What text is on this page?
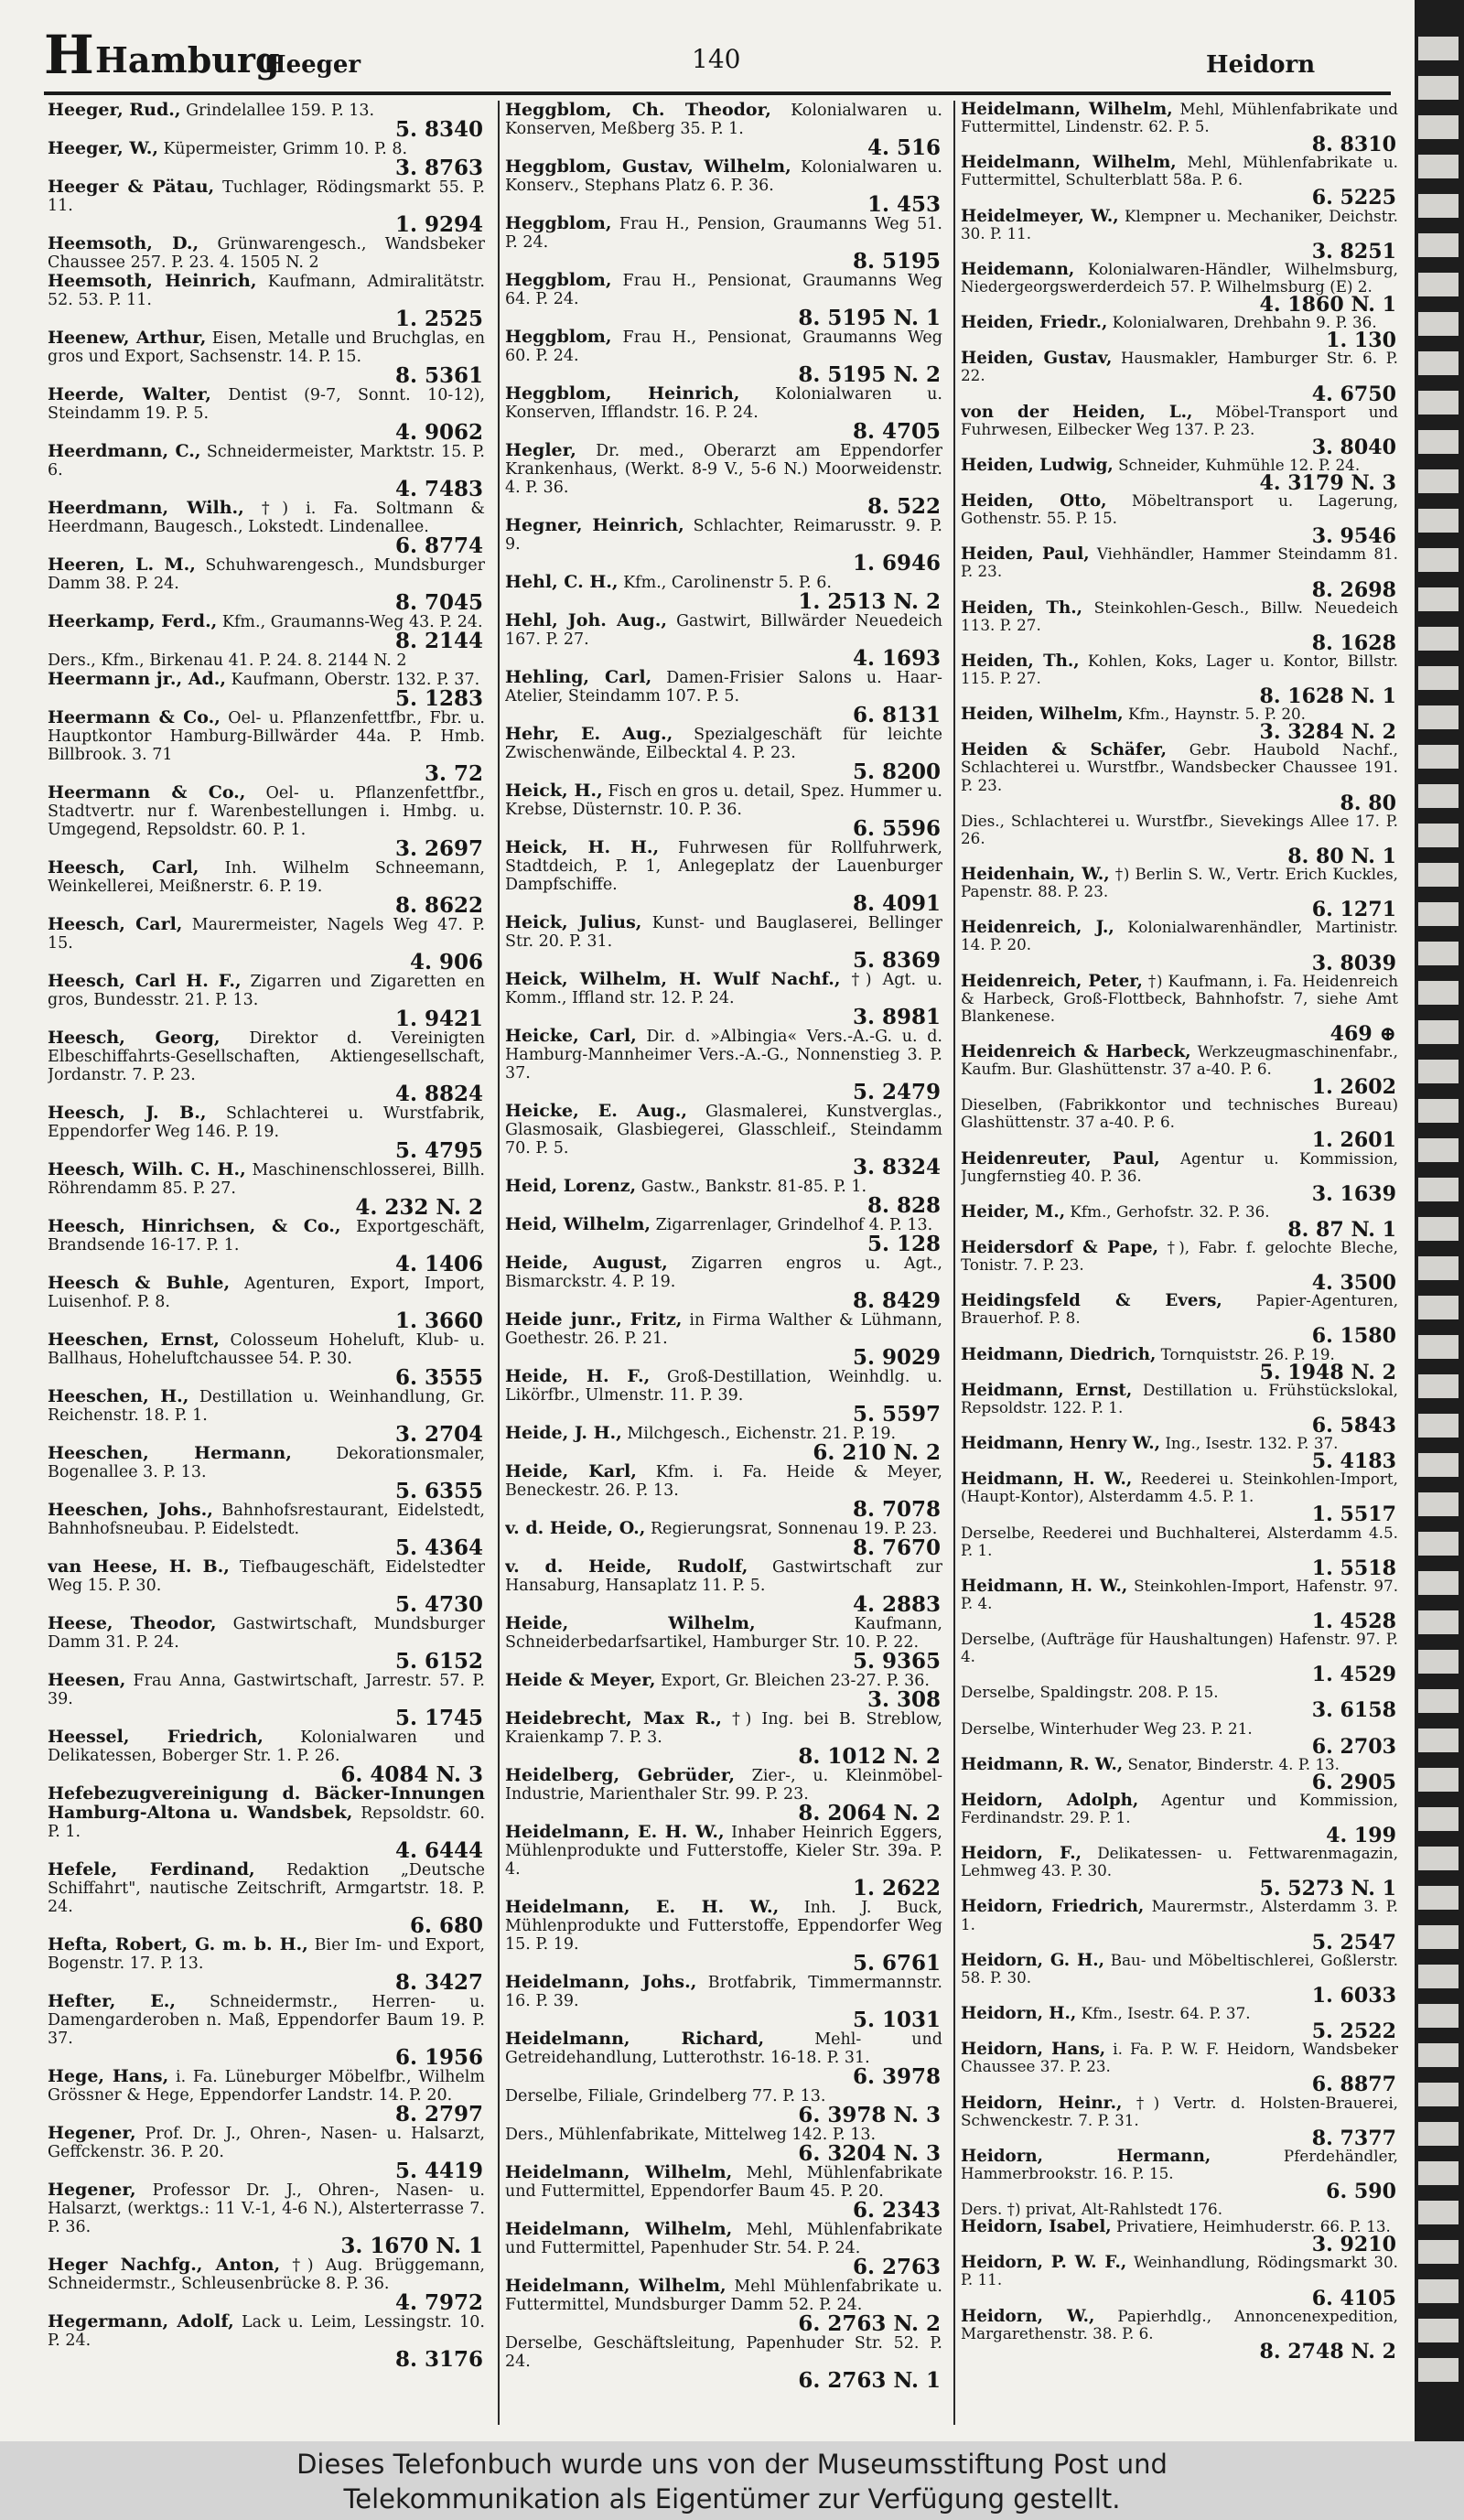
H Hamburg
Heeger	140	Heidorn

Heeger, Rud., Grindelallee 159. P. 13.
5. 8340

Heeger, W., Küpermeister, Grimm 10. P. 8.
3. 8763

Heeger & Pätau, Tuchlager, Rödingsmarkt 55. P. 11.
1. 9294

Heemsoth, D., Grünwarengesch., Wandsbeker Chaussee 257. P. 23. 4. 1505 N. 2

Heemsoth, Heinrich, Kaufmann, Admiralitätstr. 52. 53. P. 11.
1. 2525

Heenew, Arthur, Eisen, Metalle und Bruchglas, en gros und Export, Sachsenstr. 14. P. 15.
8. 5361

Heerde, Walter, Dentist (9-7, Sonnt. 10-12), Steindamm 19. P. 5.
4. 9062

Heerdmann, C., Schneidermeister, Marktstr. 15. P. 6.
4. 7483

Heerdmann, Wilh., †) i. Fa. Soltmann & Heerdmann, Baugesch., Lokstedt. Lindenallee.
6. 8774

Heeren, L. M., Schuhwarengesch., Mundsburger Damm 38. P. 24.
8. 7045

Heerkamp, Ferd., Kfm., Graumanns-Weg 43. P. 24.
8. 2144

Ders., Kfm., Birkenau 41. P. 24. 8. 2144 N. 2

Heermann jr., Ad., Kaufmann, Oberstr. 132. P. 37.
5. 1283

Heermann & Co., Oel- u. Pflanzenfettfbr., Fbr. u. Hauptkontor Hamburg-Billwärder 44a. P. Hmb. Billbrook. 3. 71
3. 72

Heermann & Co., Oel- u. Pflanzenfettfbr., Stadtvertr. nur f. Warenbestellungen i. Hmbg. u. Umgegend, Repsoldstr. 60. P. 1.
3. 2697

Heesch, Carl, Inh. Wilhelm Schneemann, Weinkellerei, Meißnerstr. 6. P. 19.
8. 8622

Heesch, Carl, Maurermeister, Nagels Weg 47. P. 15.
4. 906

Heesch, Carl H. F., Zigarren und Zigaretten en gros, Bundesstr. 21. P. 13.
1. 9421

Heesch, Georg, Direktor d. Vereinigten Elbeschiffahrts-Gesellschaften, Aktiengesellschaft, Jordanstr. 7. P. 23.
4. 8824

Heesch, J. B., Schlachterei u. Wurstfabrik, Eppendorfer Weg 146. P. 19.
5. 4795

Heesch, Wilh. C. H., Maschinenschlosserei, Billh. Röhrendamm 85. P. 27.
4. 232 N. 2

Heesch, Hinrichsen, & Co., Exportgeschäft, Brandsende 16-17. P. 1.
4. 1406

Heesch & Buhle, Agenturen, Export, Import, Luisenhof. P. 8.
1. 3660

Heeschen, Ernst, Colosseum Hoheluft, Klub- u. Ballhaus, Hoheluftchaussee 54. P. 30.
6. 3555

Heeschen, H., Destillation u. Weinhandlung, Gr. Reichenstr. 18. P. 1.
3. 2704

Heeschen, Hermann,	Dekorationsmaler, Bogenallee 3. P. 13.
5. 6355

Heeschen, Johs., Bahnhofsrestaurant, Eidelstedt, Bahnhofsneubau. P. Eidelstedt.
5. 4364

van Heese, H. B., Tiefbaugeschäft, Eidelstedter Weg 15. P. 30.
5. 4730

Heese, Theodor, Gastwirtschaft, Mundsburger Damm 31. P. 24.
5. 6152

Heesen, Frau Anna, Gastwirtschaft, Jarrestr. 57. P. 39.
5. 1745

Heessel, Friedrich, Kolonialwaren und Delikatessen, Boberger Str. 1. P. 26.
6. 4084 N. 3

Hefebezugvereinigung d. Bäcker-Innungen Hamburg-Altona u. Wandsbek, Repsoldstr. 60. P. 1.
4. 6444

Hefele, Ferdinand, Redaktion „Deutsche Schiffahrt", nautische Zeitschrift, Armgartstr. 18. P. 24.
6. 680

Hefta, Robert, G. m. b. H., Bier Im- und Export, Bogenstr. 17. P. 13.
8. 3427

Hefter, E., Schneidermstr., Herren- u. Damengarderoben n. Maß, Eppendorfer Baum 19. P. 37.
6. 1956

Hege, Hans, i. Fa. Lüneburger Möbelfbr., Wilhelm Grössner & Hege, Eppendorfer Landstr. 14. P. 20.
8. 2797

Hegener, Prof. Dr. J., Ohren-, Nasen- u. Halsarzt, Geffckenstr. 36. P. 20.
5. 4419

Hegener, Professor Dr. J., Ohren-, Nasen- u. Halsarzt, (werktgs.: 11 V.-1, 4-6 N.), Alsterterrasse 7. P. 36.
3. 1670 N. 1

Heger Nachfg., Anton, †) Aug. Brüggemann, Schneidermstr., Schleusenbrücke 8. P. 36.
4. 7972

Hegermann, Adolf, Lack u. Leim, Lessingstr. 10. P. 24.
8. 3176

Heggblom, Ch. Theodor, Kolonialwaren u. Konserven, Meßberg 35. P. 1.
4. 516

Heggblom, Gustav, Wilhelm, Kolonialwaren u. Konserv., Stephans Platz 6. P. 36.
1. 453

Heggblom, Frau H., Pension, Graumanns Weg 51. P. 24.
8. 5195

Heggblom, Frau H., Pensionat, Graumanns Weg 64. P. 24.
8. 5195 N. 1

Heggblom, Frau H., Pensionat, Graumanns Weg 60. P. 24.
8. 5195 N. 2

Heggblom, Heinrich, Kolonialwaren u. Konserven, Ifflandstr. 16. P. 24.
8. 4705

Hegler, Dr. med., Oberarzt am Eppendorfer Krankenhaus, (Werkt. 8-9 V., 5-6 N.) Moorweidenstr. 4. P. 36.
8. 522

Hegner, Heinrich, Schlachter, Reimarusstr. 9. P. 9.
1. 6946

Hehl, C. H., Kfm., Carolinenstr 5. P. 6.
1. 2513 N. 2

Hehl, Joh. Aug., Gastwirt, Billwärder Neuedeich 167. P. 27.
4. 1693

Hehling, Carl, Damen-Frisier Salons u. Haar-Atelier, Steindamm 107. P. 5.
6. 8131

Hehr, E. Aug., Spezialgeschäft für leichte Zwischenwände, Eilbecktal 4. P. 23.
5. 8200

Heick, H., Fisch en gros u. detail, Spez. Hummer u. Krebse, Düsternstr. 10. P. 36.
6. 5596

Heick, H. H., Fuhrwesen für Rollfuhrwerk, Stadtdeich, P. 1, Anlegeplatz der Lauenburger Dampfschiffe.
8. 4091

Heick, Julius, Kunst- und Bauglaserei, Bellinger Str. 20. P. 31.
5. 8369

Heick, Wilhelm, H. Wulf Nachf., †) Agt. u. Komm., Iffland str. 12. P. 24.
3. 8981

Heicke, Carl, Dir. d. »Albingia« Vers.-A.-G. u. d. Hamburg-Mannheimer Vers.-A.-G., Nonnenstieg 3. P. 37.
5. 2479

Heicke, E. Aug., Glasmalerei, Kunstverglas., Glasmosaik, Glasbiegerei, Glasschleif., Steindamm 70. P. 5.
3. 8324

Heid, Lorenz, Gastw., Bankstr. 81-85. P. 1.
8. 828

Heid, Wilhelm, Zigarrenlager, Grindelhof 4. P. 13.
5. 128

Heide, August, Zigarren engros u. Agt., Bismarckstr. 4. P. 19.
8. 8429

Heide junr., Fritz, in Firma Walther & Lühmann, Goethestr. 26. P. 21.
5. 9029

Heide, H. F., Groß-Destillation, Weinhdlg. u. Likörfbr., Ulmenstr. 11. P. 39.
5. 5597

Heide, J. H., Milchgesch., Eichenstr. 21. P. 19.
6. 210 N. 2

Heide, Karl, Kfm. i. Fa. Heide & Meyer, Beneckestr. 26. P. 13.
8. 7078

v. d. Heide, O., Regierungsrat, Sonnenau 19. P. 23.
8. 7670

v. d. Heide, Rudolf, Gastwirtschaft zur Hansaburg, Hansaplatz 11. P. 5.
4. 2883

Heide, Wilhelm,	Kaufmann, Schneiderbedarfsartikel, Hamburger Str. 10. P. 22.
5. 9365

Heide & Meyer, Export, Gr. Bleichen 23-27. P. 36.
3. 308

Heidebrecht, Max R., †) Ing. bei B. Streblow, Kraienkamp 7. P. 3.
8. 1012 N. 2

Heidelberg, Gebrüder, Zier-, u. Kleinmöbel-Industrie, Marienthaler Str. 99. P. 23.
8. 2064 N. 2

Heidelmann, E. H. W., Inhaber Heinrich Eggers, Mühlenprodukte und Futterstoffe, Kieler Str. 39a. P. 4.
1. 2622

Heidelmann, E. H. W., Inh. J. Buck, Mühlenprodukte und Futterstoffe, Eppendorfer Weg 15. P. 19.
5. 6761

Heidelmann, Johs., Brotfabrik, Timmermannstr. 16. P. 39.
5. 1031

Heidelmann, Richard,	Mehl- und Getreidehandlung, Lutterothstr. 16-18. P. 31.
6. 3978

Derselbe, Filiale, Grindelberg 77. P. 13.
6. 3978 N. 3

Ders., Mühlenfabrikate, Mittelweg 142. P. 13.
6. 3204 N. 3

Heidelmann, Wilhelm, Mehl, Mühlenfabrikate und Futtermittel, Eppendorfer Baum 45. P. 20.
6. 2343

Heidelmann, Wilhelm, Mehl, Mühlenfabrikate und Futtermittel, Papenhuder Str. 54. P. 24.
6. 2763

Heidelmann, Wilhelm, Mehl Mühlenfabrikate u. Futtermittel, Mundsburger Damm 52. P. 24.
6. 2763 N. 2

Derselbe, Geschäftsleitung, Papenhuder Str. 52. P. 24.
6. 2763 N. 1

Heidelmann, Wilhelm, Mehl, Mühlenfabrikate und Futtermittel, Lindenstr. 62. P. 5.
8. 8310

Heidelmann, Wilhelm, Mehl, Mühlenfabrikate u. Futtermittel, Schulterblatt 58a. P. 6.
6. 5225

Heidelmeyer, W., Klempner u. Mechaniker, Deichstr. 30. P. 11.
3. 8251

Heidemann, Kolonialwaren-Händler, Wilhelmsburg, Niedergeorgswerderdeich 57. P. Wilhelmsburg (E) 2.
4. 1860 N. 1

Heiden, Friedr., Kolonialwaren, Drehbahn 9. P. 36.
1. 130

Heiden, Gustav, Hausmakler, Hamburger Str. 6. P. 22.
4. 6750

von der Heiden, L., Möbel-Transport und Fuhrwesen, Eilbecker Weg 137. P. 23.
3. 8040

Heiden, Ludwig, Schneider, Kuhmühle 12. P. 24.
4. 3179 N. 3

Heiden, Otto, Möbeltransport u. Lagerung, Gothenstr. 55. P. 15.
3. 9546

Heiden, Paul, Viehhändler, Hammer Steindamm 81. P. 23.
8. 2698

Heiden, Th., Steinkohlen-Gesch., Billw. Neuedeich 113. P. 27.
8. 1628

Heiden, Th., Kohlen, Koks, Lager u. Kontor, Billstr. 115. P. 27.
8. 1628 N. 1

Heiden, Wilhelm, Kfm., Haynstr. 5. P. 20.
3. 3284 N. 2

Heiden & Schäfer, Gebr. Haubold Nachf., Schlachterei u. Wurstfbr., Wandsbecker Chaussee 191. P. 23.
8. 80

Dies., Schlachterei u. Wurstfbr., Sievekings Allee 17. P. 26.
8. 80 N. 1

Heidenhain, W., †) Berlin S. W., Vertr. Erich Kuckles, Papenstr. 88. P. 23.
6. 1271

Heidenreich, J., Kolonialwarenhändler, Martinistr. 14. P. 20.
3. 8039

Heidenreich, Peter, †) Kaufmann, i. Fa. Heidenreich & Harbeck, Groß-Flottbeck, Bahnhofstr. 7, siehe Amt Blankenese.
469 ⊕

Heidenreich & Harbeck, Werkzeugmaschinenfabr., Kaufm. Bur. Glashüttenstr. 37 a-40. P. 6.
1. 2602

Dieselben, (Fabrikkontor und technisches Bureau) Glashüttenstr. 37 a-40. P. 6.
1. 2601

Heidenreuter, Paul, Agentur u. Kommission, Jungfernstieg 40. P. 36.
3. 1639

Heider, M., Kfm., Gerhofstr. 32. P. 36.
8. 87 N. 1

Heidersdorf & Pape, †), Fabr. f. gelochte Bleche, Tonistr. 7. P. 23.
4. 3500

Heidingsfeld & Evers, Papier-Agenturen, Brauerhof. P. 8.
6. 1580

Heidmann, Diedrich, Tornquiststr. 26. P. 19.
5. 1948 N. 2

Heidmann, Ernst, Destillation u. Frühstückslokal, Repsoldstr. 122. P. 1.
6. 5843

Heidmann, Henry W., Ing., Isestr. 132. P. 37.
5. 4183

Heidmann, H. W., Reederei u. Steinkohlen-Import, (Haupt-Kontor), Alsterdamm 4.5. P. 1.
1. 5517

Derselbe, Reederei und Buchhalterei, Alsterdamm 4.5. P. 1.
1. 5518

Heidmann, H. W., Steinkohlen-Import, Hafenstr. 97. P. 4.
1. 4528

Derselbe, (Aufträge für Haushaltungen) Hafenstr. 97. P. 4.
1. 4529

Derselbe, Spaldingstr. 208. P. 15.
3. 6158

Derselbe, Winterhuder Weg 23. P. 21.
6. 2703

Heidmann, R. W., Senator, Binderstr. 4. P. 13.
6. 2905

Heidorn, Adolph, Agentur und Kommission, Ferdinandstr. 29. P. 1.
4. 199

Heidorn, F., Delikatessen- u. Fettwarenmagazin, Lehmweg 43. P. 30.
5. 5273 N. 1

Heidorn, Friedrich, Maurermstr., Alsterdamm 3. P. 1.
5. 2547

Heidorn, G. H., Bau- und Möbeltischlerei, Goßlerstr. 58. P. 30.
1. 6033

Heidorn, H., Kfm., Isestr. 64. P. 37.
5. 2522

Heidorn, Hans, i. Fa. P. W. F. Heidorn, Wandsbeker Chaussee 37. P. 23.
6. 8877

Heidorn, Heinr., †) Vertr. d. Holsten-Brauerei, Schwenckestr. 7. P. 31.
8. 7377

Heidorn, Hermann,	Pferdehändler, Hammerbrookstr. 16. P. 15.
6. 590

Ders. †) privat, Alt-Rahlstedt 176.

Heidorn, Isabel, Privatiere, Heimhuderstr. 66. P. 13.
3. 9210

Heidorn, P. W. F., Weinhandlung, Rödingsmarkt 30. P. 11.
6. 4105

Heidorn, W., Papierhdlg., Annoncenexpedition, Margarethenstr. 38. P. 6.
8. 2748 N. 2

Dieses Telefonbuch wurde uns von der Museumsstiftung Post und
Telekommunikation als Eigentümer zur Verfügung gestellt.
